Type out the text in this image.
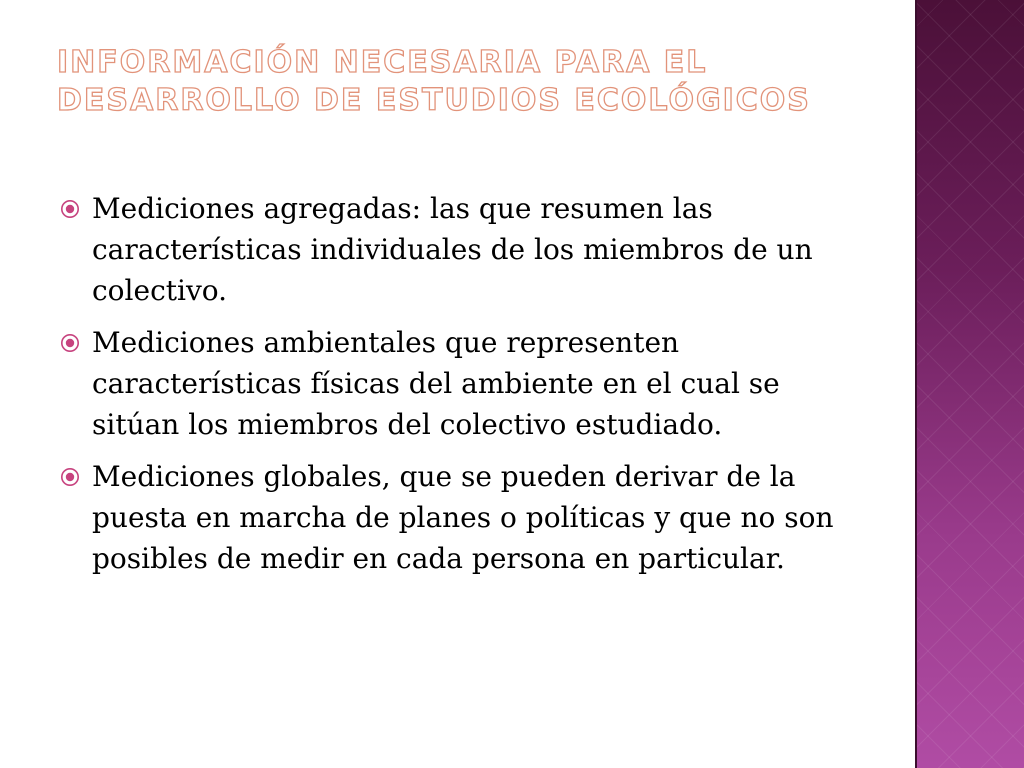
INFORMACIÓN NECESARIA PARA EL
DESARROLLO DE ESTUDIOS ECOLÓGICOS
Mediciones agregadas: las que resumen las características individuales de los miembros de un colectivo.
Mediciones ambientales que representen características físicas del ambiente en el cual se sitúan los miembros del colectivo estudiado.
Mediciones globales, que se pueden derivar de la puesta en marcha de planes o políticas y que no son posibles de medir en cada persona en particular.
